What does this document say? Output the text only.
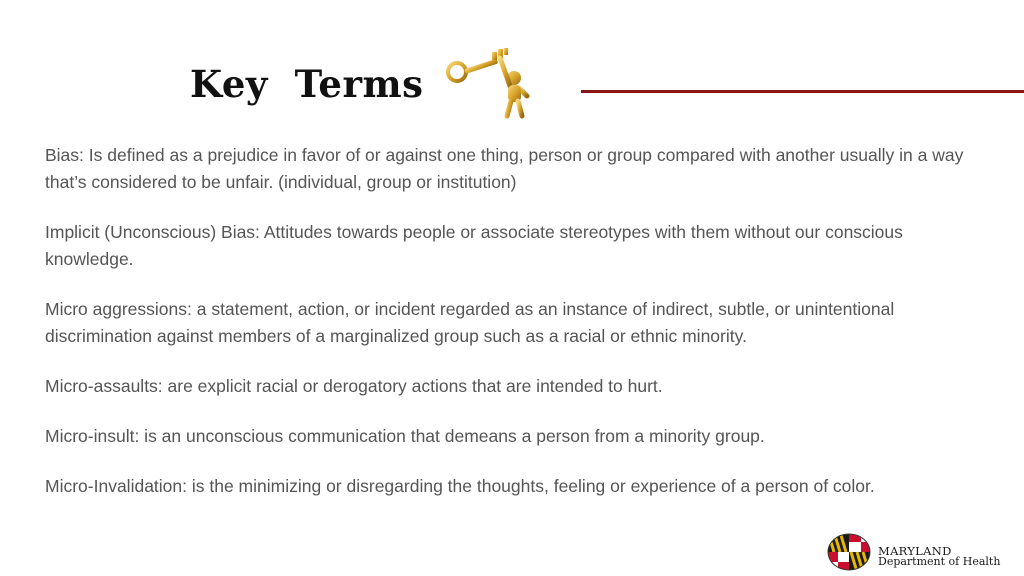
Key  Terms

Bias: Is defined as a prejudice in favor of or against one thing, person or group compared with another usually in a way that’s considered to be unfair. (individual, group or institution)

Implicit (Unconscious) Bias: Attitudes towards people or associate stereotypes with them without our conscious knowledge.

Micro aggressions: a statement, action, or incident regarded as an instance of indirect, subtle, or unintentional discrimination against members of a marginalized group such as a racial or ethnic minority.

Micro-assaults: are explicit racial or derogatory actions that are intended to hurt.

Micro-insult: is an unconscious communication that demeans a person from a minority group.

Micro-Invalidation: is the minimizing or disregarding the thoughts, feeling or experience of a person of color.

MARYLAND
Department of Health
